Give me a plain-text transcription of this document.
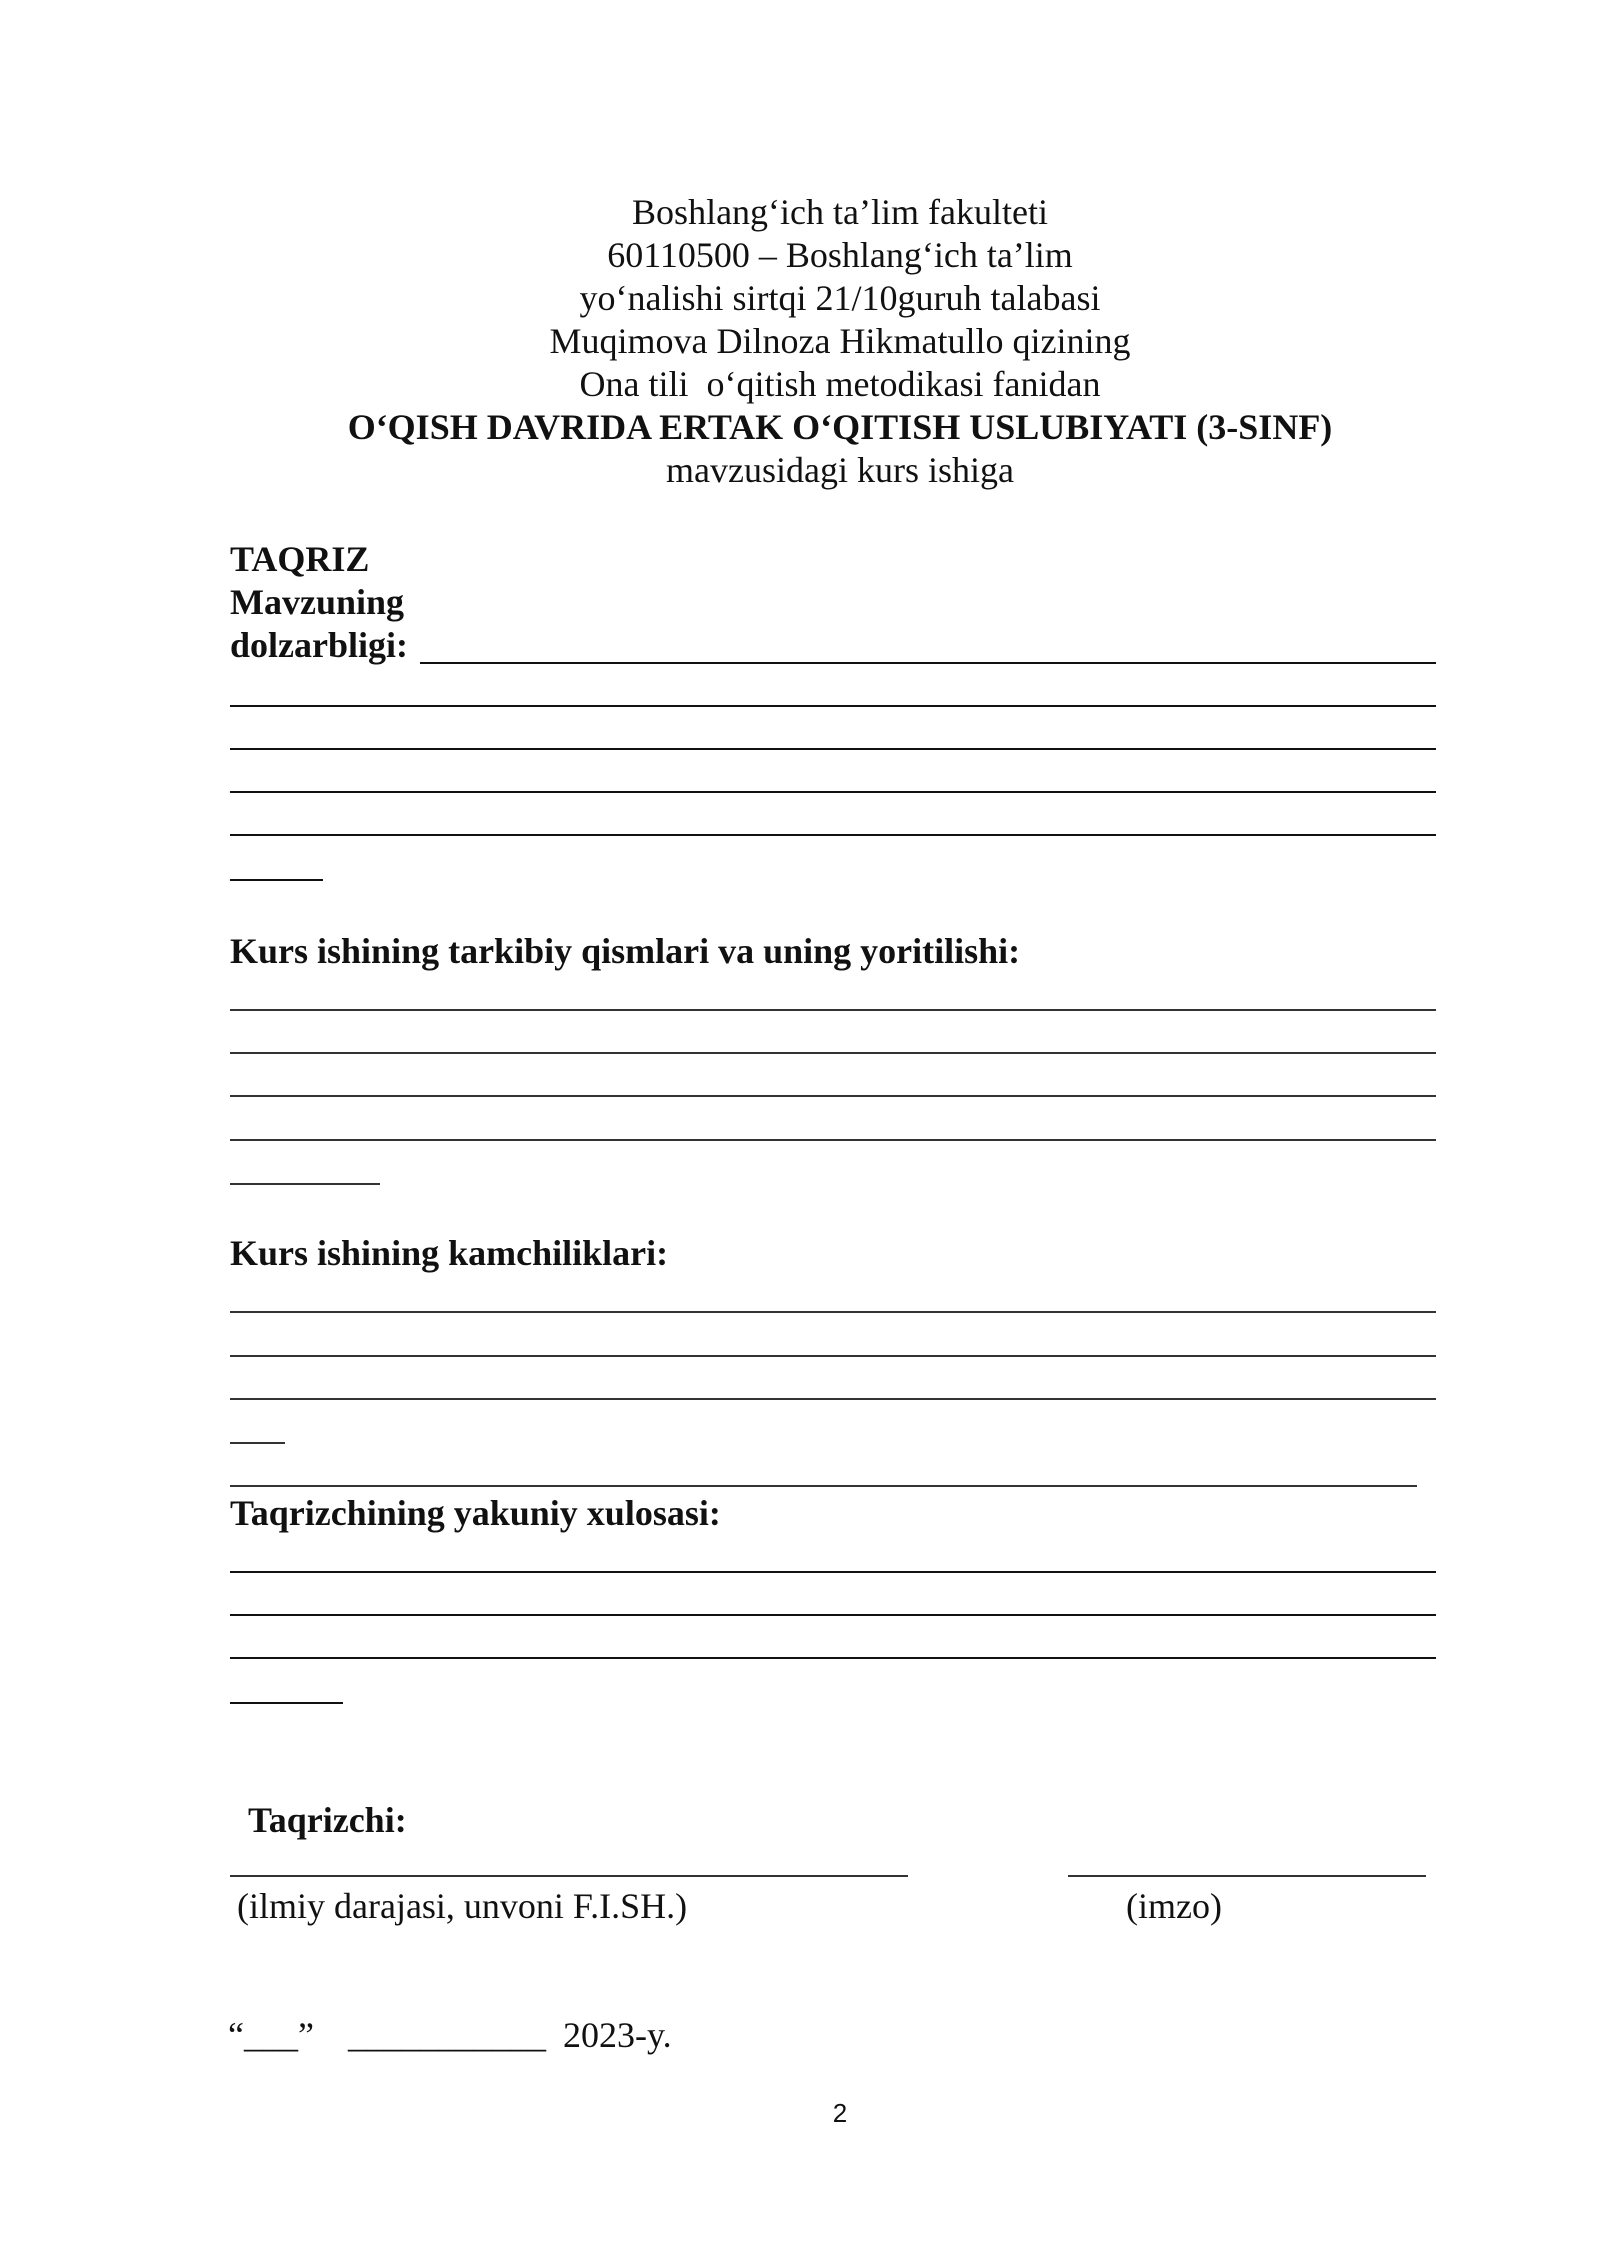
Boshlang‘ich ta’lim fakulteti
60110500 – Boshlang‘ich ta’lim
yo‘nalishi sirtqi 21/10guruh talabasi
Muqimova Dilnoza Hikmatullo qizining
Ona tili  o‘qitish metodikasi fanidan
O‘QISH DAVRIDA ERTAK O‘QITISH USLUBIYATI (3-SINF)
mavzusidagi kurs ishiga
TAQRIZ
Mavzuning
dolzarbligi:
Kurs ishining tarkibiy qismlari va uning yoritilishi:
Kurs ishining kamchiliklari:
Taqrizchining yakuniy xulosasi:
Taqrizchi:
(ilmiy darajasi, unvoni F.I.SH.)	(imzo)
“___” ___________ 2023-y.
2
